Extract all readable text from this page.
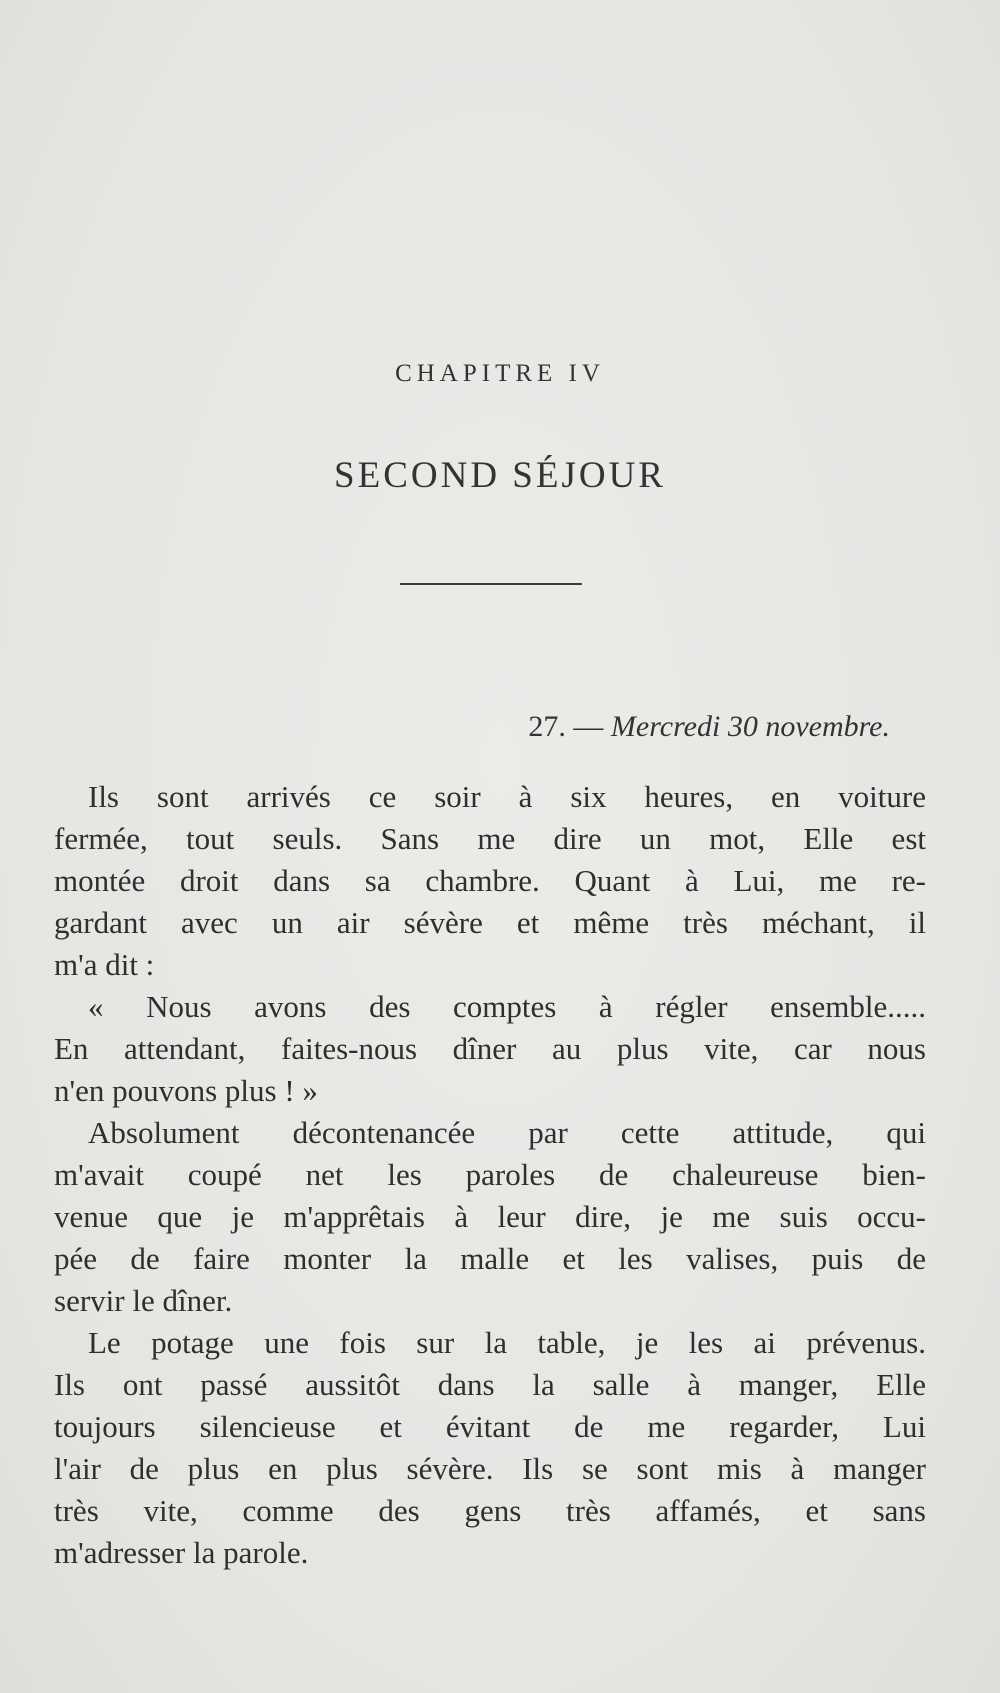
CHAPITRE IV
SECOND SÉJOUR
27. — Mercredi 30 novembre.
Ils sont arrivés ce soir à six heures, en voiture
fermée, tout seuls. Sans me dire un mot, Elle est
montée droit dans sa chambre. Quant à Lui, me re-
gardant avec un air sévère et même très méchant, il
m'a dit :
« Nous avons des comptes à régler ensemble.....
En attendant, faites-nous dîner au plus vite, car nous
n'en pouvons plus ! »
Absolument décontenancée par cette attitude, qui
m'avait coupé net les paroles de chaleureuse bien-
venue que je m'apprêtais à leur dire, je me suis occu-
pée de faire monter la malle et les valises, puis de
servir le dîner.
Le potage une fois sur la table, je les ai prévenus.
Ils ont passé aussitôt dans la salle à manger, Elle
toujours silencieuse et évitant de me regarder, Lui
l'air de plus en plus sévère. Ils se sont mis à manger
très vite, comme des gens très affamés, et sans
m'adresser la parole.
